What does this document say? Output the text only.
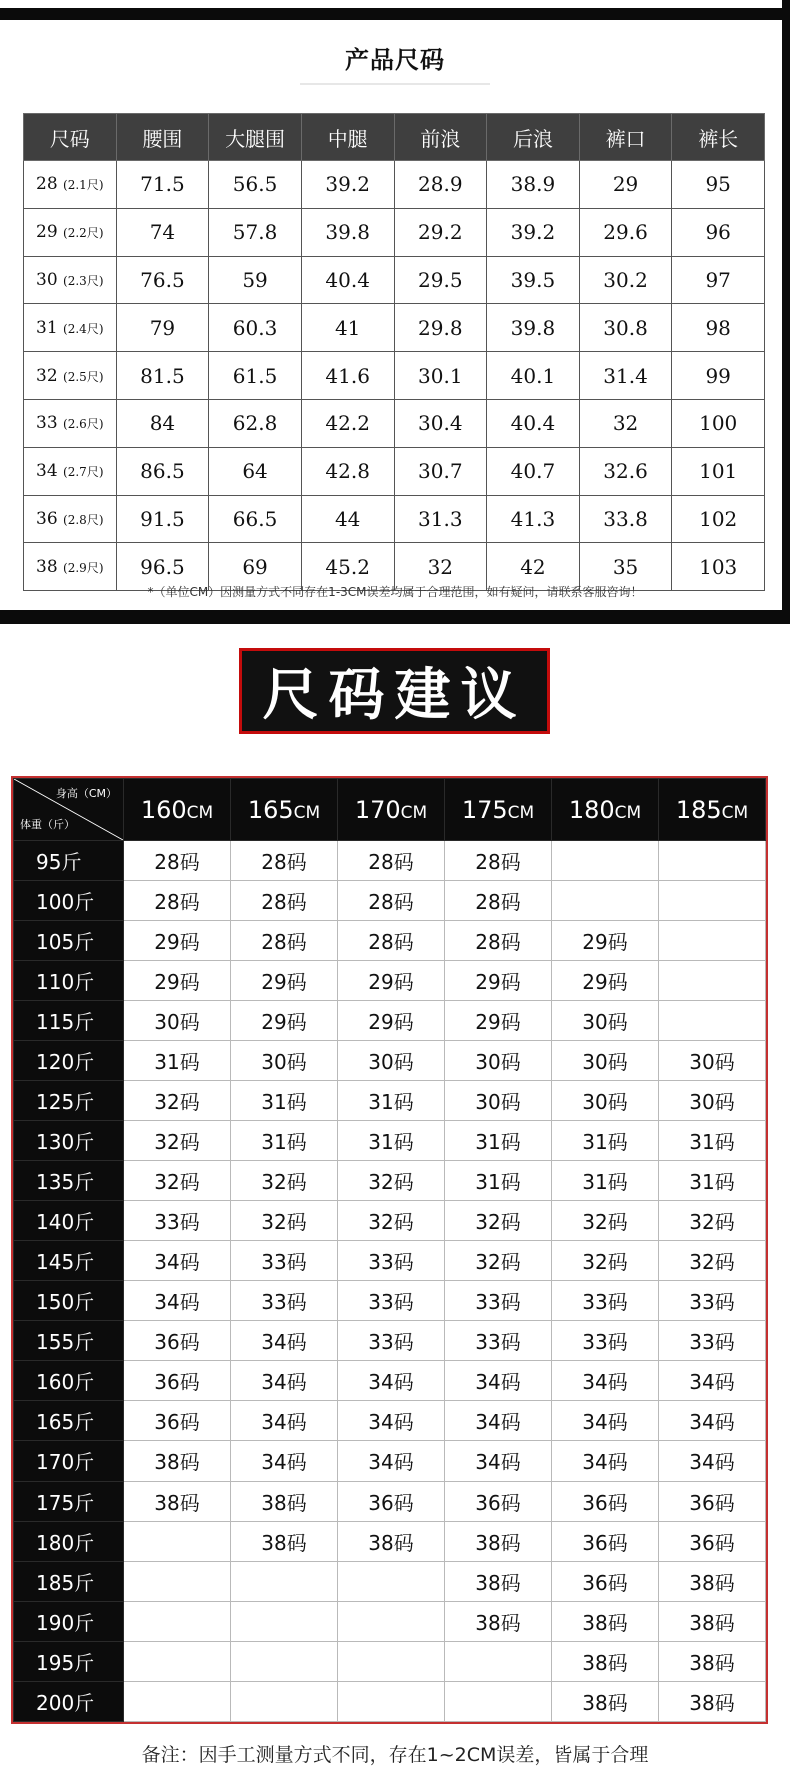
产品尺码
尺码	腰围	大腿围	中腿	前浪	后浪	裤口	裤长
28 (2.1尺)	71.5	56.5	39.2	28.9	38.9	29	95
29 (2.2尺)	74	57.8	39.8	29.2	39.2	29.6	96
30 (2.3尺)	76.5	59	40.4	29.5	39.5	30.2	97
31 (2.4尺)	79	60.3	41	29.8	39.8	30.8	98
32 (2.5尺)	81.5	61.5	41.6	30.1	40.1	31.4	99
33 (2.6尺)	84	62.8	42.2	30.4	40.4	32	100
34 (2.7尺)	86.5	64	42.8	30.7	40.7	32.6	101
36 (2.8尺)	91.5	66.5	44	31.3	41.3	33.8	102
38 (2.9尺)	96.5	69	45.2	32	42	35	103
*（单位CM）因测量方式不同存在1-3CM误差均属于合理范围，如有疑问，请联系客服咨询！
尺码建议
身高（CM）
体重（斤）	160CM	165CM	170CM	175CM	180CM	185CM
95斤	28码	28码	28码	28码		
100斤	28码	28码	28码	28码		
105斤	29码	28码	28码	28码	29码	
110斤	29码	29码	29码	29码	29码	
115斤	30码	29码	29码	29码	30码	
120斤	31码	30码	30码	30码	30码	30码
125斤	32码	31码	31码	30码	30码	30码
130斤	32码	31码	31码	31码	31码	31码
135斤	32码	32码	32码	31码	31码	31码
140斤	33码	32码	32码	32码	32码	32码
145斤	34码	33码	33码	32码	32码	32码
150斤	34码	33码	33码	33码	33码	33码
155斤	36码	34码	33码	33码	33码	33码
160斤	36码	34码	34码	34码	34码	34码
165斤	36码	34码	34码	34码	34码	34码
170斤	38码	34码	34码	34码	34码	34码
175斤	38码	38码	36码	36码	36码	36码
180斤		38码	38码	38码	36码	36码
185斤				38码	36码	38码
190斤				38码	38码	38码
195斤					38码	38码
200斤					38码	38码
备注：因手工测量方式不同，存在1~2CM误差，皆属于合理
